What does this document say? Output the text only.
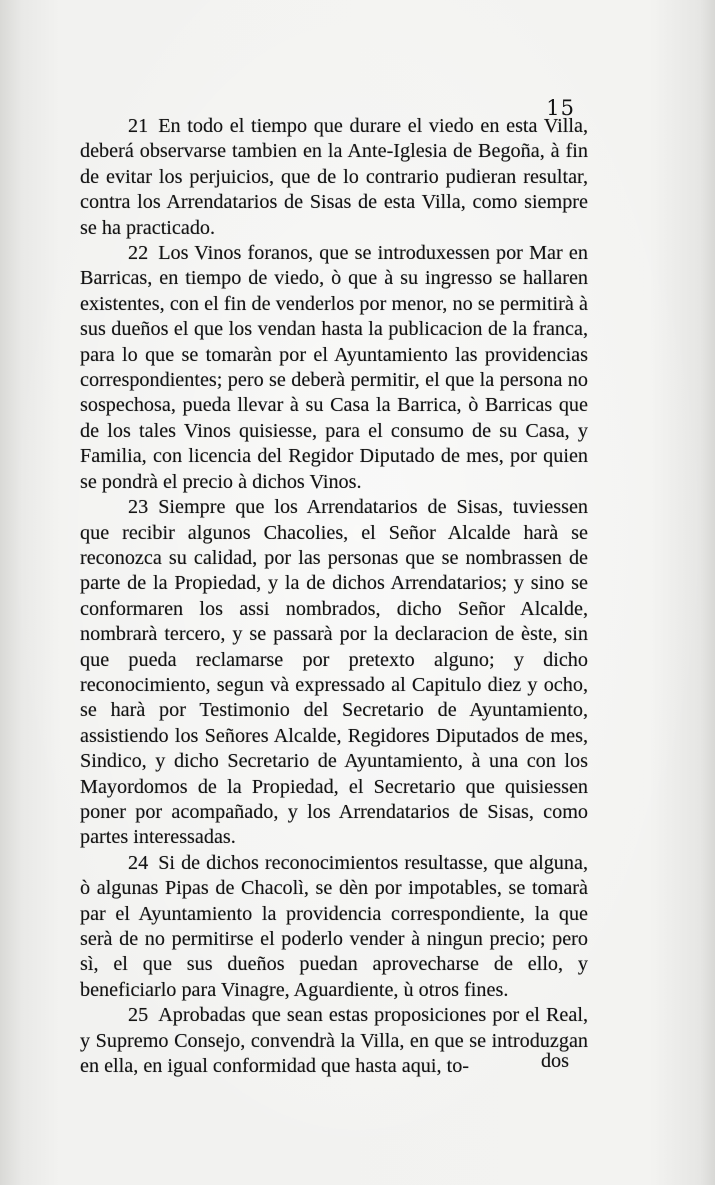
15

21 En todo el tiempo que durare el viedo en esta Villa, deberá observarse tambien en la Ante-Iglesia de Begoña, à fin de evitar los perjuicios, que de lo contrario pudieran resultar, contra los Arrendatarios de Sisas de esta Villa, como siempre se ha practicado.

22 Los Vinos foranos, que se introduxessen por Mar en Barricas, en tiempo de viedo, ò que à su ingresso se hallaren existentes, con el fin de venderlos por menor, no se permitirà à sus dueños el que los vendan hasta la publicacion de la franca, para lo que se tomaràn por el Ayuntamiento las providencias correspondientes; pero se deberà permitir, el que la persona no sospechosa, pueda llevar à su Casa la Barrica, ò Barricas que de los tales Vinos quisiesse, para el consumo de su Casa, y Familia, con licencia del Regidor Diputado de mes, por quien se pondrà el precio à dichos Vinos.

23 Siempre que los Arrendatarios de Sisas, tuviessen que recibir algunos Chacolies, el Señor Alcalde harà se reconozca su calidad, por las personas que se nombrassen de parte de la Propiedad, y la de dichos Arrendatarios; y sino se conformaren los assi nombrados, dicho Señor Alcalde, nombrarà tercero, y se passarà por la declaracion de èste, sin que pueda reclamarse por pretexto alguno; y dicho reconocimiento, segun và expressado al Capitulo diez y ocho, se harà por Testimonio del Secretario de Ayuntamiento, assistiendo los Señores Alcalde, Regidores Diputados de mes, Sindico, y dicho Secretario de Ayuntamiento, à una con los Mayordomos de la Propiedad, el Secretario que quisiessen poner por acompañado, y los Arrendatarios de Sisas, como partes interessadas.

24 Si de dichos reconocimientos resultasse, que alguna, ò algunas Pipas de Chacolì, se dèn por impotables, se tomarà par el Ayuntamiento la providencia correspondiente, la que serà de no permitirse el poderlo vender à ningun precio; pero sì, el que sus dueños puedan aprovecharse de ello, y beneficiarlo para Vinagre, Aguardiente, ù otros fines.

25 Aprobadas que sean estas proposiciones por el Real, y Supremo Consejo, convendrà la Villa, en que se introduzgan en ella, en igual conformidad que hasta aqui, to-	dos
